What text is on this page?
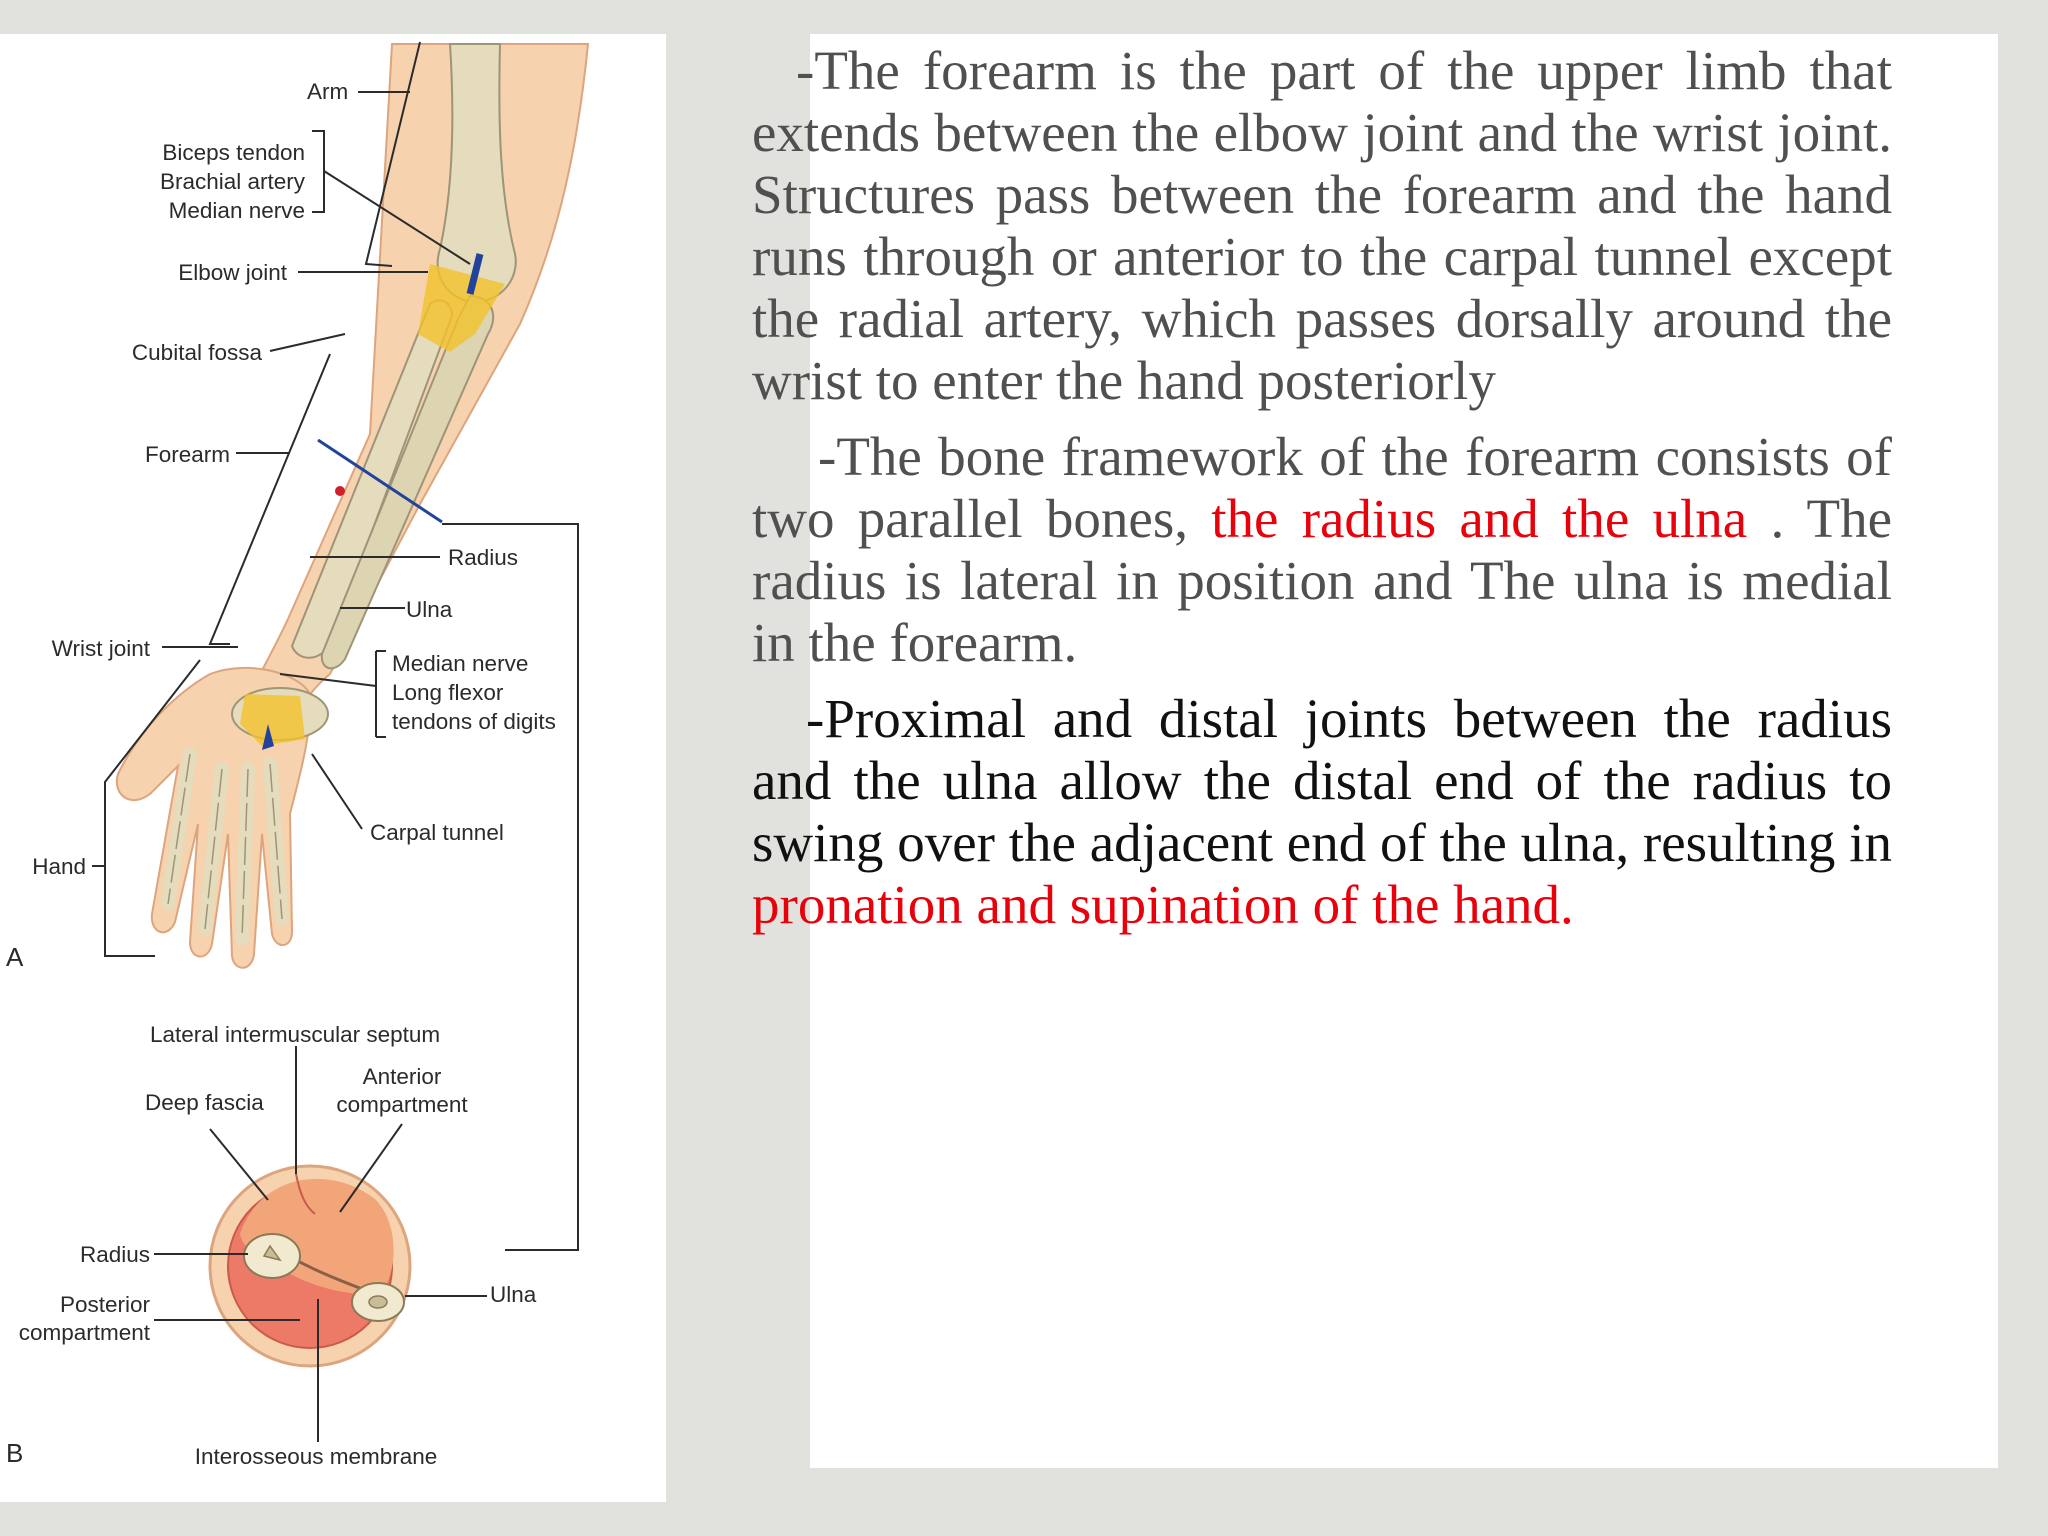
Arm
Biceps tendon
Brachial artery
Median nerve
Elbow joint
Cubital fossa
Forearm
Radius
Ulna
Wrist joint
Median nerve
Long flexor
tendons of digits
Carpal tunnel
Hand
A
Lateral intermuscular septum
Anterior
compartment
Deep fascia
Radius
Ulna
Posterior
compartment
Interosseous membrane
B

-The forearm is the part of the upper limb that extends between the elbow joint and the wrist joint. Structures pass between the forearm and the hand runs through or anterior to the carpal tunnel except the radial artery, which passes dorsally around the wrist to enter the hand posteriorly

-The bone framework of the forearm consists of two parallel bones, the radius and the ulna . The radius is lateral in position and The ulna is medial in the forearm.

-Proximal and distal joints between the radius and the ulna allow the distal end of the radius to swing over the adjacent end of the ulna, resulting in pronation and supination of the hand.
